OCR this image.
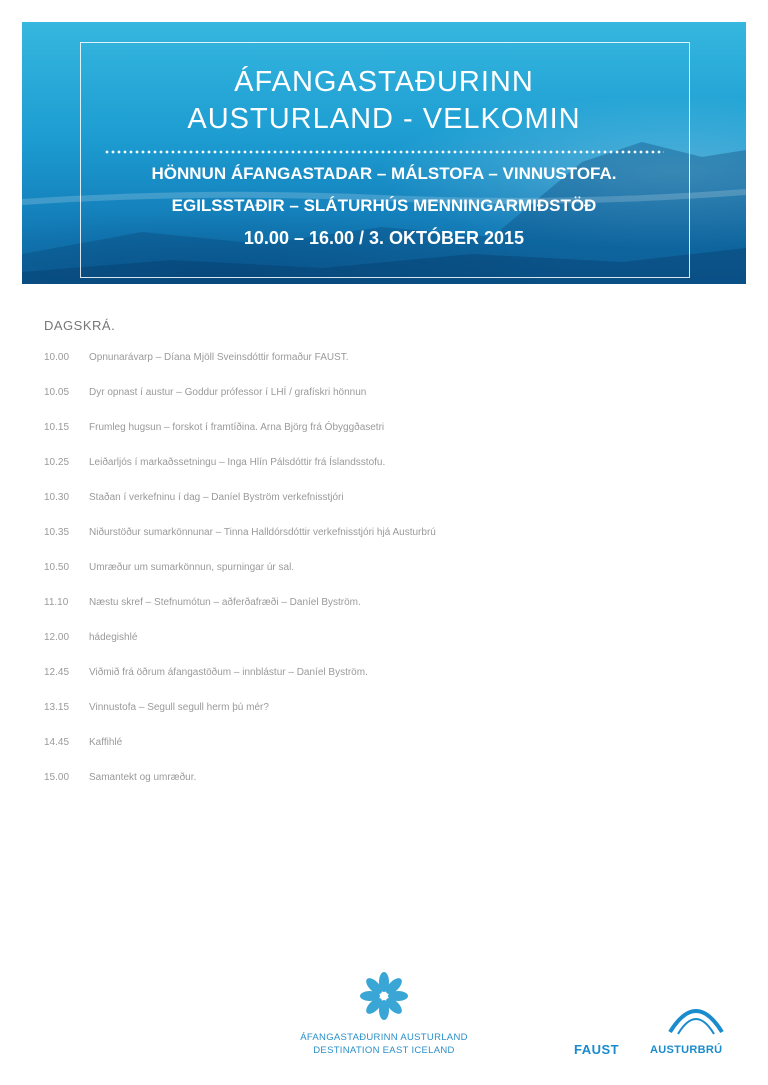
ÁFANGASTAÐURINN
AUSTURLAND - VELKOMIN

HÖNNUN ÁFANGASTADAR – MÁLSTOFA – VINNUSTOFA.

EGILSSTAÐIR – SLÁTURHÚS MENNINGARMIÐSTÖÐ

10.00 – 16.00 / 3. OKTÓBER 2015

DAGSKRÁ.
10.00 Opnunarávarp – Díana Mjöll Sveinsdóttir formaður FAUST.
10.05 Dyr opnast í austur – Goddur prófessor í LHÍ / grafískri hönnun
10.15 Frumleg hugsun – forskot í framtíðina. Arna Björg frá Óbyggðasetri
10.25 Leiðarljós í markaðssetningu – Inga Hlín Pálsdóttir frá Íslandsstofu.
10.30 Staðan í verkefninu í dag – Daníel Byström verkefnisstjóri
10.35 Niðurstöður sumarkönnunar – Tinna Halldórsdóttir verkefnisstjóri hjá Austurbrú
10.50 Umræður um sumarkönnun, spurningar úr sal.
11.10 Næstu skref – Stefnumótun – aðferðafræði – Daníel Byström.
12.00 hádegishlé
12.45 Viðmið frá öðrum áfangastöðum – innblástur – Daníel Byström.
13.15 Vinnustofa – Segull segull herm þú mér?
14.45 Kaffihlé
15.00 Samantekt og umræður.
ÁFANGASTAÐURINN AUSTURLAND
DESTINATION EAST ICELAND	FAUST	AUSTURBRÚ
